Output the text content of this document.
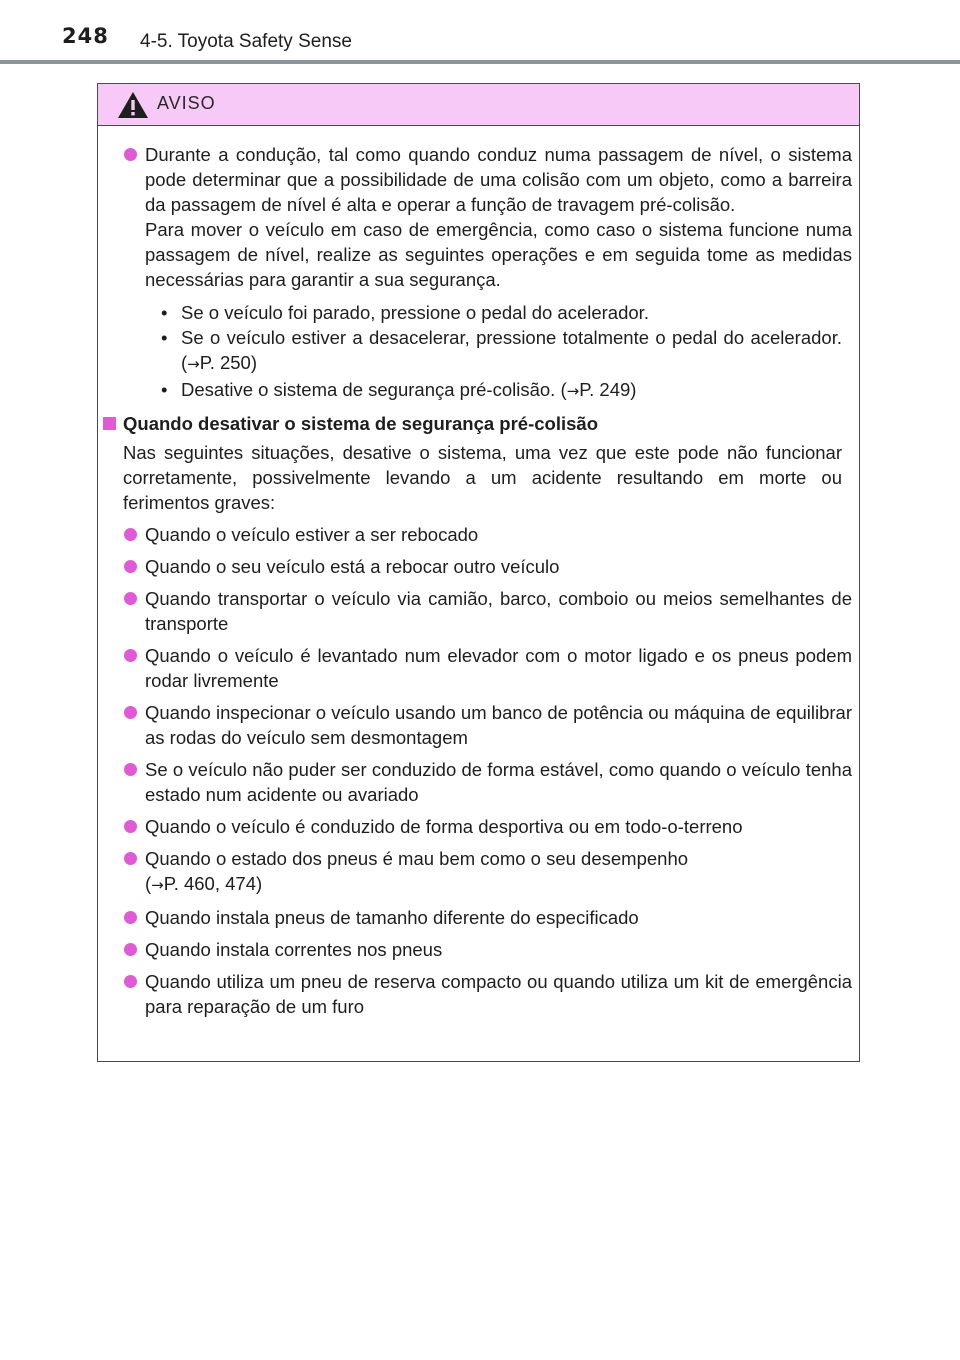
248 4-5. Toyota Safety Sense
AVISO

Durante a condução, tal como quando conduz numa passagem de nível, o sistema pode determinar que a possibilidade de uma colisão com um objeto, como a barreira da passagem de nível é alta e operar a função de travagem pré-colisão.

Para mover o veículo em caso de emergência, como caso o sistema funcione numa passagem de nível, realize as seguintes operações e em seguida tome as medidas necessárias para garantir a sua segurança.

• Se o veículo foi parado, pressione o pedal do acelerador.
• Se o veículo estiver a desacelerar, pressione totalmente o pedal do acelerador. (→P. 250)
• Desative o sistema de segurança pré-colisão. (→P. 249)
Quando desativar o sistema de segurança pré-colisão

Nas seguintes situações, desative o sistema, uma vez que este pode não funcionar corretamente, possivelmente levando a um acidente resultando em morte ou ferimentos graves:

Quando o veículo estiver a ser rebocado

Quando o seu veículo está a rebocar outro veículo

Quando transportar o veículo via camião, barco, comboio ou meios semelhantes de transporte

Quando o veículo é levantado num elevador com o motor ligado e os pneus podem rodar livremente

Quando inspecionar o veículo usando um banco de potência ou máquina de equilibrar as rodas do veículo sem desmontagem

Se o veículo não puder ser conduzido de forma estável, como quando o veículo tenha estado num acidente ou avariado

Quando o veículo é conduzido de forma desportiva ou em todo-o-terreno

Quando o estado dos pneus é mau bem como o seu desempenho
(→P. 460, 474)

Quando instala pneus de tamanho diferente do especificado

Quando instala correntes nos pneus

Quando utiliza um pneu de reserva compacto ou quando utiliza um kit de emergência para reparação de um furo
